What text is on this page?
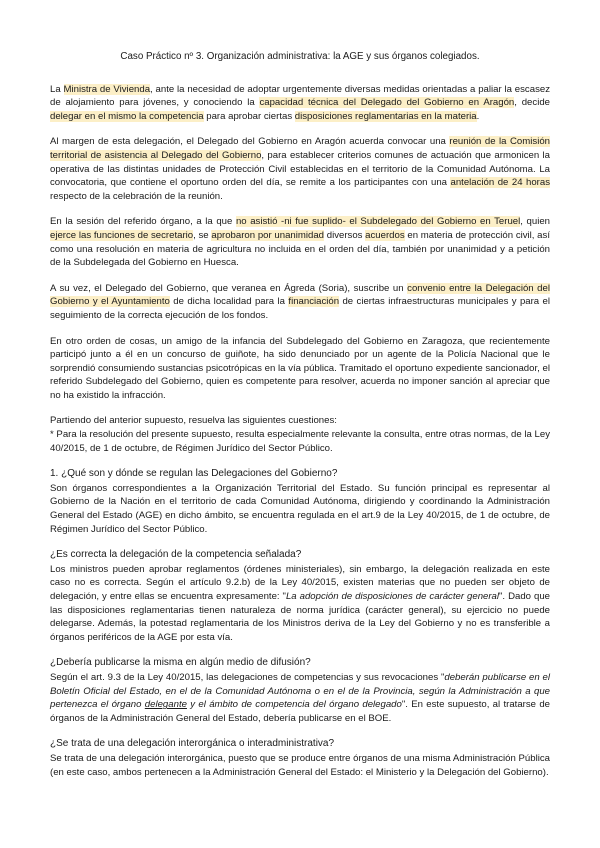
Caso Práctico nº 3. Organización administrativa: la AGE y sus órganos colegiados.

La Ministra de Vivienda, ante la necesidad de adoptar urgentemente diversas medidas orientadas a paliar la escasez de alojamiento para jóvenes, y conociendo la capacidad técnica del Delegado del Gobierno en Aragón, decide delegar en el mismo la competencia para aprobar ciertas disposiciones reglamentarias en la materia.

Al margen de esta delegación, el Delegado del Gobierno en Aragón acuerda convocar una reunión de la Comisión territorial de asistencia al Delegado del Gobierno, para establecer criterios comunes de actuación que armonicen la operativa de las distintas unidades de Protección Civil establecidas en el territorio de la Comunidad Autónoma. La convocatoria, que contiene el oportuno orden del día, se remite a los participantes con una antelación de 24 horas respecto de la celebración de la reunión.

En la sesión del referido órgano, a la que no asistió -ni fue suplido- el Subdelegado del Gobierno en Teruel, quien ejerce las funciones de secretario, se aprobaron por unanimidad diversos acuerdos en materia de protección civil, así como una resolución en materia de agricultura no incluida en el orden del día, también por unanimidad y a petición de la Subdelegada del Gobierno en Huesca.

A su vez, el Delegado del Gobierno, que veranea en Ágreda (Soria), suscribe un convenio entre la Delegación del Gobierno y el Ayuntamiento de dicha localidad para la financiación de ciertas infraestructuras municipales y para el seguimiento de la correcta ejecución de los fondos.

En otro orden de cosas, un amigo de la infancia del Subdelegado del Gobierno en Zaragoza, que recientemente participó junto a él en un concurso de guiñote, ha sido denunciado por un agente de la Policía Nacional que le sorprendió consumiendo sustancias psicotrópicas en la vía pública. Tramitado el oportuno expediente sancionador, el referido Subdelegado del Gobierno, quien es competente para resolver, acuerda no imponer sanción al apreciar que no ha existido la infracción.

Partiendo del anterior supuesto, resuelva las siguientes cuestiones:

* Para la resolución del presente supuesto, resulta especialmente relevante la consulta, entre otras normas, de la Ley 40/2015, de 1 de octubre, de Régimen Jurídico del Sector Público.

1. ¿Qué son y dónde se regulan las Delegaciones del Gobierno?

Son órganos correspondientes a la Organización Territorial del Estado. Su función principal es representar al Gobierno de la Nación en el territorio de cada Comunidad Autónoma, dirigiendo y coordinando la Administración General del Estado (AGE) en dicho ámbito, se encuentra regulada en el art.9 de la Ley 40/2015, de 1 de octubre, de Régimen Jurídico del Sector Público.

¿Es correcta la delegación de la competencia señalada?

Los ministros pueden aprobar reglamentos (órdenes ministeriales), sin embargo, la delegación realizada en este caso no es correcta. Según el artículo 9.2.b) de la Ley 40/2015, existen materias que no pueden ser objeto de delegación, y entre ellas se encuentra expresamente: "La adopción de disposiciones de carácter general". Dado que las disposiciones reglamentarias tienen naturaleza de norma jurídica (carácter general), su ejercicio no puede delegarse. Además, la potestad reglamentaria de los Ministros deriva de la Ley del Gobierno y no es transferible a órganos periféricos de la AGE por esta vía.

¿Debería publicarse la misma en algún medio de difusión?

Según el art. 9.3 de la Ley 40/2015, las delegaciones de competencias y sus revocaciones "deberán publicarse en el Boletín Oficial del Estado, en el de la Comunidad Autónoma o en el de la Provincia, según la Administración a que pertenezca el órgano delegante y el ámbito de competencia del órgano delegado". En este supuesto, al tratarse de órganos de la Administración General del Estado, debería publicarse en el BOE.

¿Se trata de una delegación interorgánica o interadministrativa?

Se trata de una delegación interorgánica, puesto que se produce entre órganos de una misma Administración Pública (en este caso, ambos pertenecen a la Administración General del Estado: el Ministerio y la Delegación del Gobierno).
